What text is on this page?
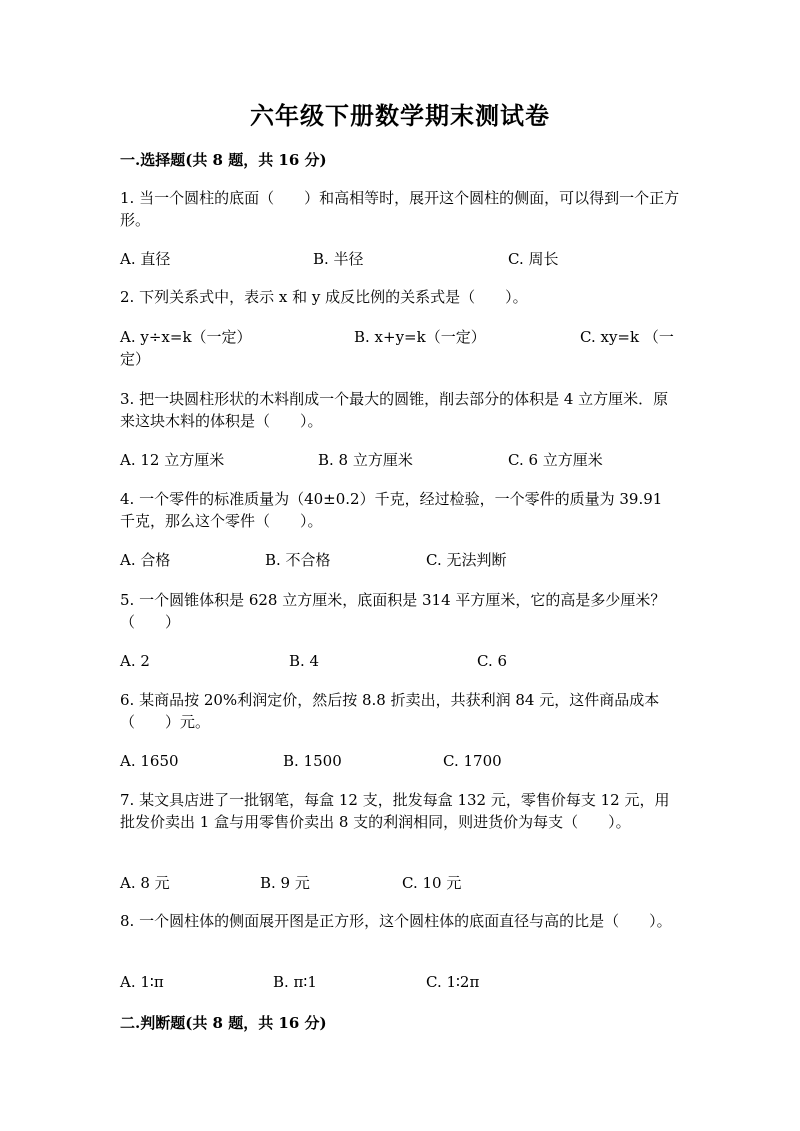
六年级下册数学期末测试卷
一.选择题(共 8 题，共 16 分)
1. 当一个圆柱的底面（　　）和高相等时，展开这个圆柱的侧面，可以得到一个正方形。
A. 直径	B. 半径	C. 周长
2. 下列关系式中，表示 x 和 y 成反比例的关系式是（　　）。
A. y÷x=k（一定）	B. x+y=k（一定）	C. xy=k （一定）
3. 把一块圆柱形状的木料削成一个最大的圆锥，削去部分的体积是 4 立方厘米．原来这块木料的体积是（　　）。
A. 12 立方厘米	B. 8 立方厘米	C. 6 立方厘米
4. 一个零件的标准质量为（40±0.2）千克，经过检验，一个零件的质量为 39.91 千克，那么这个零件（　　）。
A. 合格	B. 不合格	C. 无法判断
5. 一个圆锥体积是 628 立方厘米，底面积是 314 平方厘米，它的高是多少厘米？（　　）
A. 2	B. 4	C. 6
6. 某商品按 20%利润定价，然后按 8.8 折卖出，共获利润 84 元，这件商品成本（　　）元。
A. 1650	B. 1500	C. 1700
7. 某文具店进了一批钢笔，每盒 12 支，批发每盒 132 元，零售价每支 12 元，用批发价卖出 1 盒与用零售价卖出 8 支的利润相同，则进货价为每支（　　）。
A. 8 元	B. 9 元	C. 10 元
8. 一个圆柱体的侧面展开图是正方形，这个圆柱体的底面直径与高的比是（　　）。
A. 1∶π	B. π∶1	C. 1∶2π
二.判断题(共 8 题，共 16 分)
